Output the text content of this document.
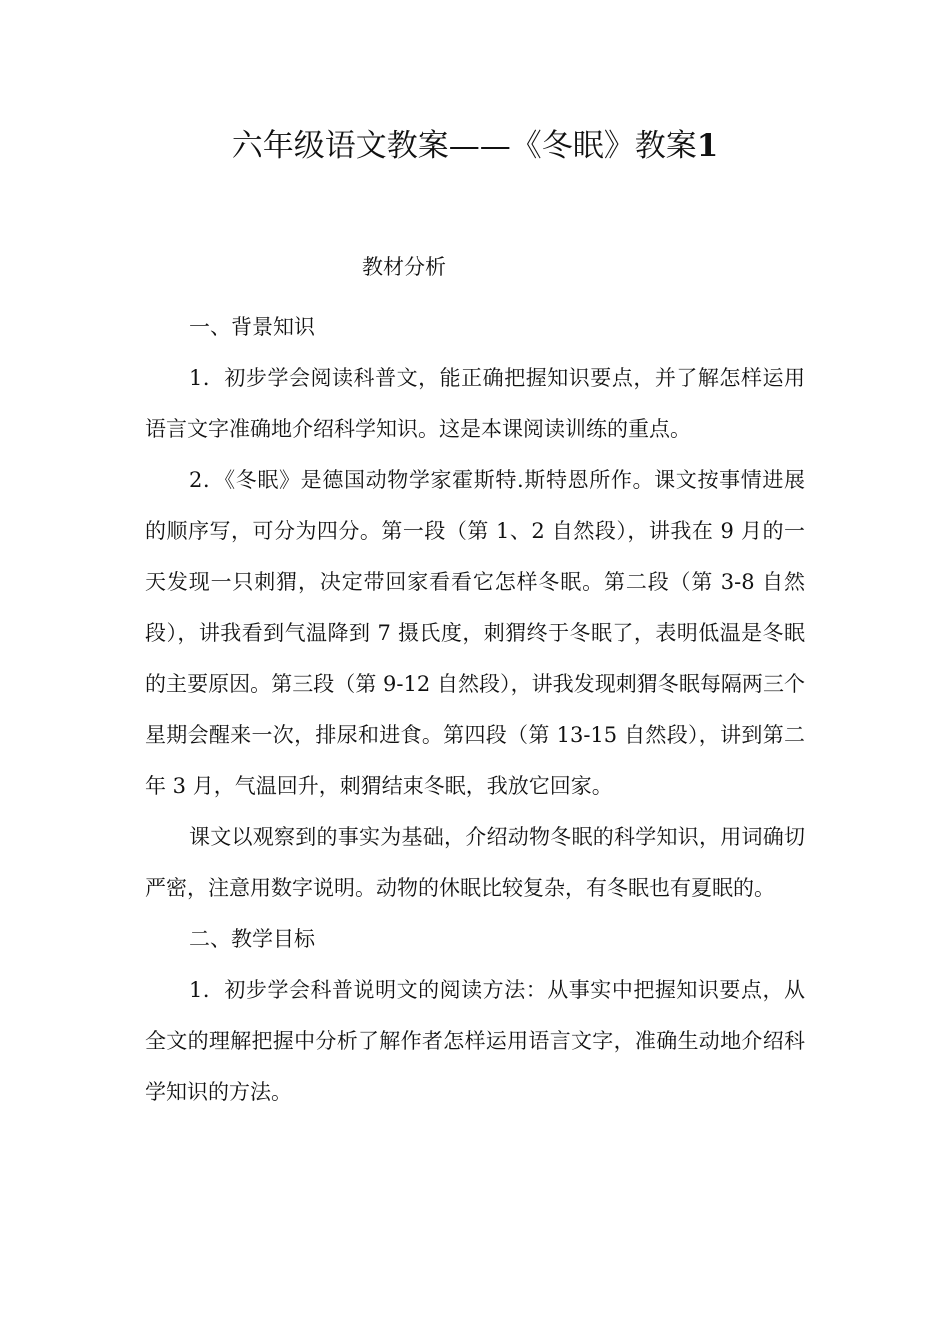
六年级语文教案——《冬眠》教案1
教材分析

一、背景知识

1．初步学会阅读科普文，能正确把握知识要点，并了解怎样运用语言文字准确地介绍科学知识。这是本课阅读训练的重点。

2．《冬眠》是德国动物学家霍斯特.斯特恩所作。课文按事情进展的顺序写，可分为四分。第一段（第 1、2 自然段），讲我在 9 月的一天发现一只刺猬，决定带回家看看它怎样冬眠。第二段（第 3-8 自然段），讲我看到气温降到 7 摄氏度，刺猬终于冬眠了，表明低温是冬眠的主要原因。第三段（第 9-12 自然段），讲我发现刺猬冬眠每隔两三个星期会醒来一次，排尿和进食。第四段（第 13-15 自然段），讲到第二年 3 月，气温回升，刺猬结束冬眠，我放它回家。

课文以观察到的事实为基础，介绍动物冬眠的科学知识，用词确切严密，注意用数字说明。动物的休眠比较复杂，有冬眠也有夏眠的。

二、教学目标

1．初步学会科普说明文的阅读方法：从事实中把握知识要点，从全文的理解把握中分析了解作者怎样运用语言文字，准确生动地介绍科学知识的方法。
